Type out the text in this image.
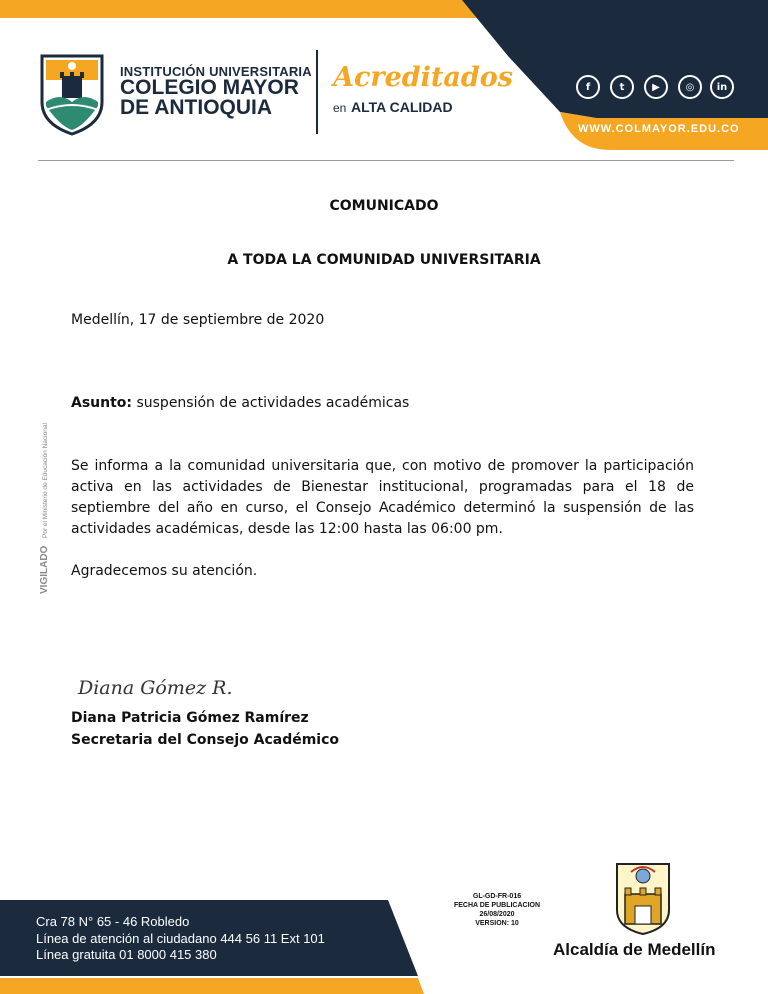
INSTITUCIÓN UNIVERSITARIA
COLEGIO MAYOR
DE ANTIOQUIA
Acreditados
en ALTA CALIDAD
f	t	▶	◎	in
WWW.COLMAYOR.EDU.CO
COMUNICADO
A TODA LA COMUNIDAD UNIVERSITARIA
Medellín, 17 de septiembre de 2020
Asunto: suspensión de actividades académicas
Se informa a la comunidad universitaria que, con motivo de promover la participación activa en las actividades de Bienestar institucional, programadas para el 18 de septiembre del año en curso, el Consejo Académico determinó la suspensión de las actividades académicas, desde las 12:00 hasta las 06:00 pm.
Agradecemos su atención.
VIGILADO
Por el Ministerio de Educación Nacional
Diana Gómez R.
Diana Patricia Gómez Ramírez
Secretaria del Consejo Académico
Cra 78 N° 65 - 46 Robledo
Línea de atención al ciudadano 444 56 11 Ext 101
Línea gratuita 01 8000 415 380
GL-GD-FR-016
FECHA DE PUBLICACION
26/08/2020
VERSION: 10
Alcaldía de Medellín
